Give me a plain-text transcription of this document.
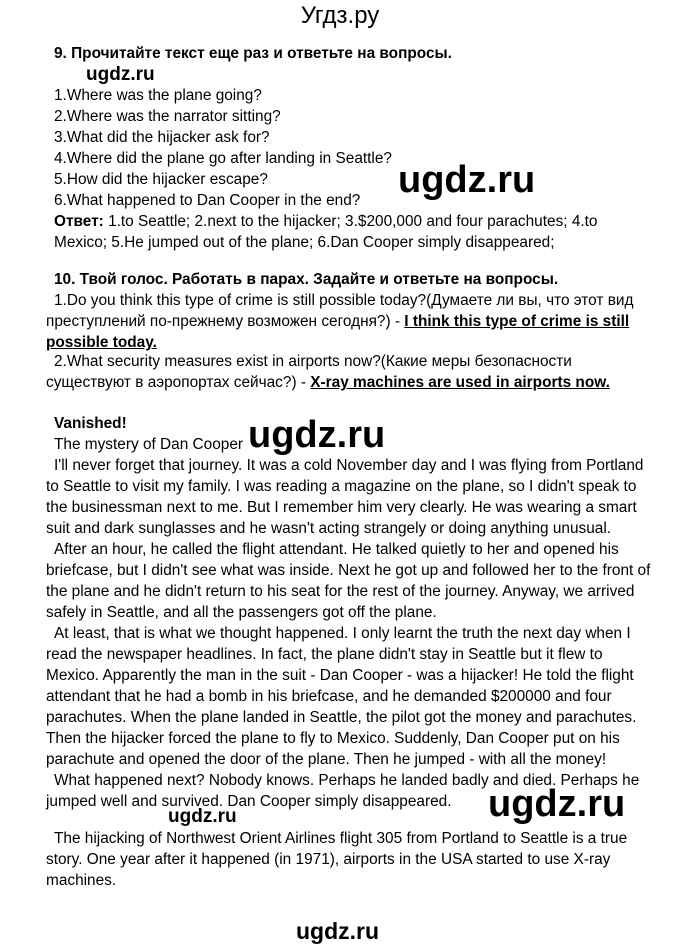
Угдз.ру
9. Прочитайте текст еще раз и ответьте на вопросы.
ugdz.ru
1.Where was the plane going?
2.Where was the narrator sitting?
3.What did the hijacker ask for?
4.Where did the plane go after landing in Seattle?
5.How did the hijacker escape?
6.What happened to Dan Cooper in the end? ugdz.ru
Ответ: 1.to Seattle; 2.next to the hijacker; 3.$200,000 and four parachutes; 4.to
Mexico; 5.He jumped out of the plane; 6.Dan Cooper simply disappeared;
10. Твой голос. Работать в парах. Задайте и ответьте на вопросы.
1.Do you think this type of crime is still possible today?(Думаете ли вы, что этот вид
преступлений по-прежнему возможен сегодня?) - I think this type of crime is still
possible today.
2.What security measures exist in airports now?(Какие меры безопасности
существуют в аэропортах сейчас?) - X-ray machines are used in airports now.
Vanished!
The mystery of Dan Cooper ugdz.ru
I'll never forget that journey. It was a cold November day and I was flying from Portland
to Seattle to visit my family. I was reading a magazine on the plane, so I didn't speak to
the businessman next to me. But I remember him very clearly. He was wearing a smart
suit and dark sunglasses and he wasn't acting strangely or doing anything unusual.
After an hour, he called the flight attendant. He talked quietly to her and opened his
briefcase, but I didn't see what was inside. Next he got up and followed her to the front of
the plane and he didn't return to his seat for the rest of the journey. Anyway, we arrived
safely in Seattle, and all the passengers got off the plane.
At least, that is what we thought happened. I only learnt the truth the next day when I
read the newspaper headlines. In fact, the plane didn't stay in Seattle but it flew to
Mexico. Apparently the man in the suit - Dan Cooper - was a hijacker! He told the flight
attendant that he had a bomb in his briefcase, and he demanded $200000 and four
parachutes. When the plane landed in Seattle, the pilot got the money and parachutes.
Then the hijacker forced the plane to fly to Mexico. Suddenly, Dan Cooper put on his
parachute and opened the door of the plane. Then he jumped - with all the money!
What happened next? Nobody knows. Perhaps he landed badly and died. Perhaps he
jumped well and survived. Dan Cooper simply disappeared. ugdz.ru
ugdz.ru
The hijacking of Northwest Orient Airlines flight 305 from Portland to Seattle is a true
story. One year after it happened (in 1971), airports in the USA started to use X-ray
machines.
ugdz.ru
